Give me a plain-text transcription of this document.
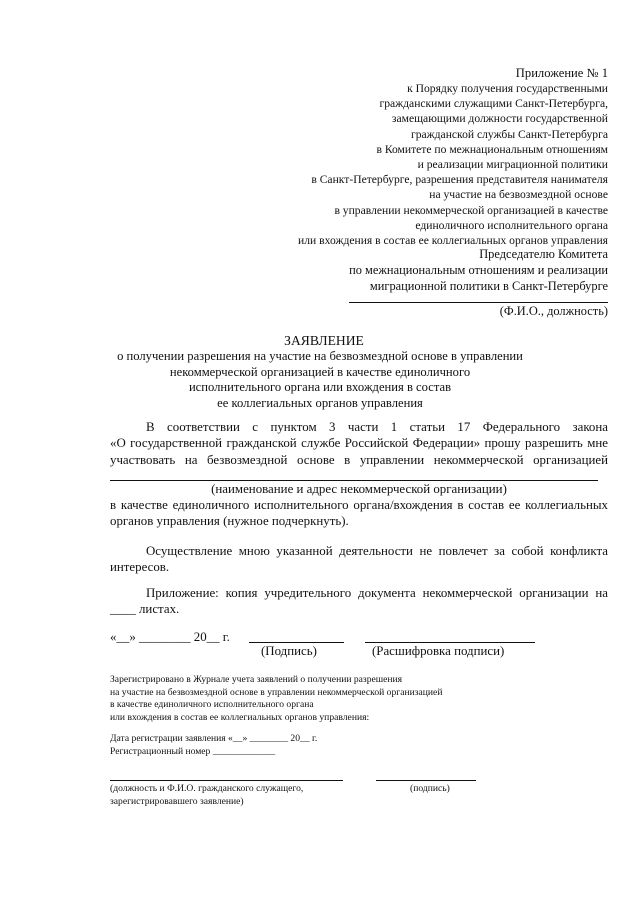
Приложение № 1
к Порядку получения государственными
гражданскими служащими Санкт-Петербурга,
замещающими должности государственной
гражданской службы Санкт-Петербурга
в Комитете по межнациональным отношениям
и реализации миграционной политики
в Санкт-Петербурге, разрешения представителя нанимателя
на участие на безвозмездной основе
в управлении некоммерческой организацией в качестве
единоличного исполнительного органа
или вхождения в состав ее коллегиальных органов управления
Председателю Комитета
по межнациональным отношениям и реализации
миграционной политики в Санкт-Петербурге
(Ф.И.О., должность)
ЗАЯВЛЕНИЕ
о получении разрешения на участие на безвозмездной основе в управлении
некоммерческой организацией в качестве единоличного
исполнительного органа или вхождения в состав
ее коллегиальных органов управления
В соответствии с пунктом 3 части 1 статьи 17 Федерального закона
«О государственной гражданской службе Российской Федерации» прошу разрешить мне
участвовать на безвозмездной основе в управлении некоммерческой организацией
(наименование и адрес некоммерческой организации)
в качестве единоличного исполнительного органа/вхождения в состав ее коллегиальных
органов управления (нужное подчеркнуть).
Осуществление мною указанной деятельности не повлечет за собой конфликта
интересов.
Приложение: копия учредительного документа некоммерческой организации на
____ листах.
«__» ________ 20__ г.
(Подпись)	(Расшифровка подписи)
Зарегистрировано в Журнале учета заявлений о получении разрешения
на участие на безвозмездной основе в управлении некоммерческой организацией
в качестве единоличного исполнительного органа
или вхождения в состав ее коллегиальных органов управления:
Дата регистрации заявления «__» ________ 20__ г.
Регистрационный номер _____________
(должность и Ф.И.О. гражданского служащего,
зарегистрировавшего заявление)
(подпись)
